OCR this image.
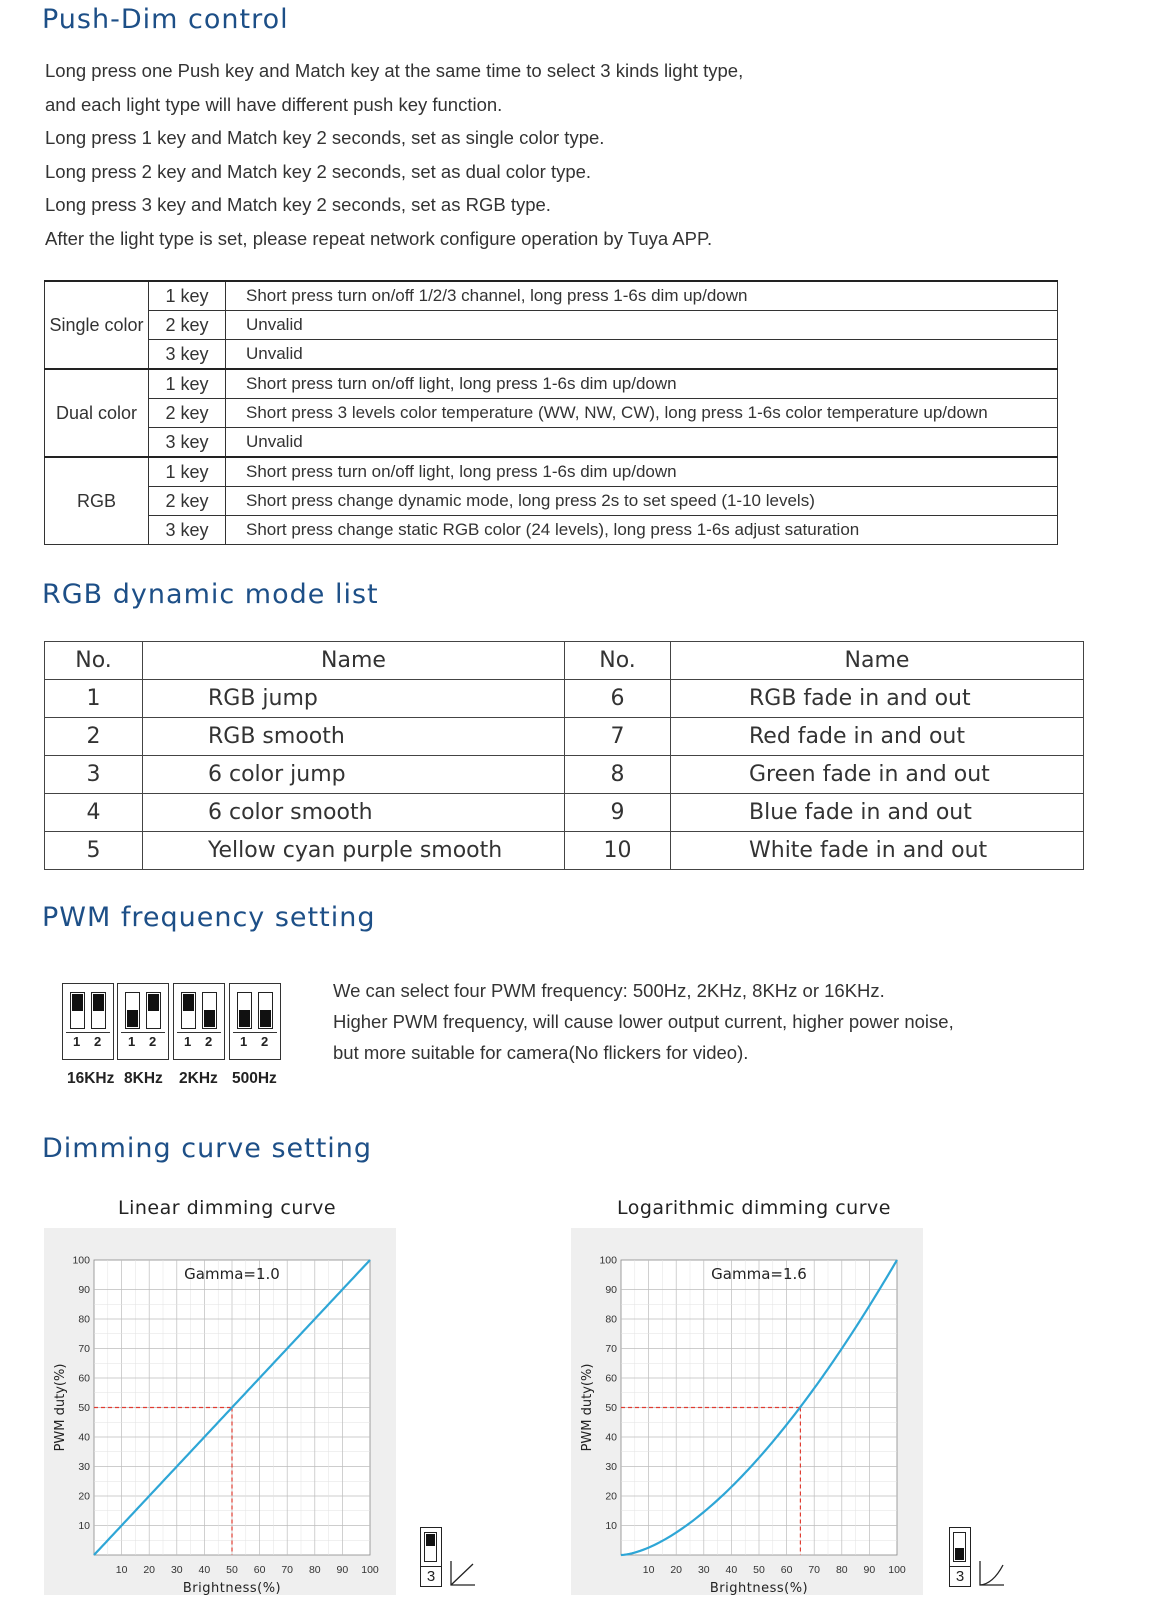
Push-Dim control
Long press one Push key and Match key at the same time to select 3 kinds light type,
and each light type will have different push key function.
Long press 1 key and Match key 2 seconds, set as single color type.
Long press 2 key and Match key 2 seconds, set as dual color type.
Long press 3 key and Match key 2 seconds, set as RGB type.
After the light type is set, please repeat network configure operation by Tuya APP.
Single color	1 key	Short press turn on/off 1/2/3 channel, long press 1-6s dim up/down
	2 key	Unvalid
	3 key	Unvalid
Dual color	1 key	Short press turn on/off light, long press 1-6s dim up/down
	2 key	Short press 3 levels color temperature (WW, NW, CW), long press 1-6s color temperature up/down
	3 key	Unvalid
RGB	1 key	Short press turn on/off light, long press 1-6s dim up/down
	2 key	Short press change dynamic mode, long press 2s to set speed (1-10 levels)
	3 key	Short press change static RGB color (24 levels), long press 1-6s adjust saturation
RGB dynamic mode list
No.	Name	No.	Name
1	RGB jump	6	RGB fade in and out
2	RGB smooth	7	Red fade in and out
3	6 color jump	8	Green fade in and out
4	6 color smooth	9	Blue fade in and out
5	Yellow cyan purple smooth	10	White fade in and out
PWM frequency setting
1 2 1 2 1 2 1 2
16KHz 8KHz 2KHz 500Hz
We can select four PWM frequency: 500Hz, 2KHz, 8KHz or 16KHz.
Higher PWM frequency, will cause lower output current, higher power noise,
but more suitable for camera(No flickers for video).
Dimming curve setting
Linear dimming curve	Logarithmic dimming curve
10 20 30 40 50 60 70 80 90 100
100
90
80
70
60
50
40
30
20
10
Brightness(%)
PWM duty(%)
Gamma=1.0
10 20 30 40 50 60 70 80 90 100
100
90
80
70
60
50
40
30
20
10
Brightness(%)
PWM duty(%)
Gamma=1.6
3	3
